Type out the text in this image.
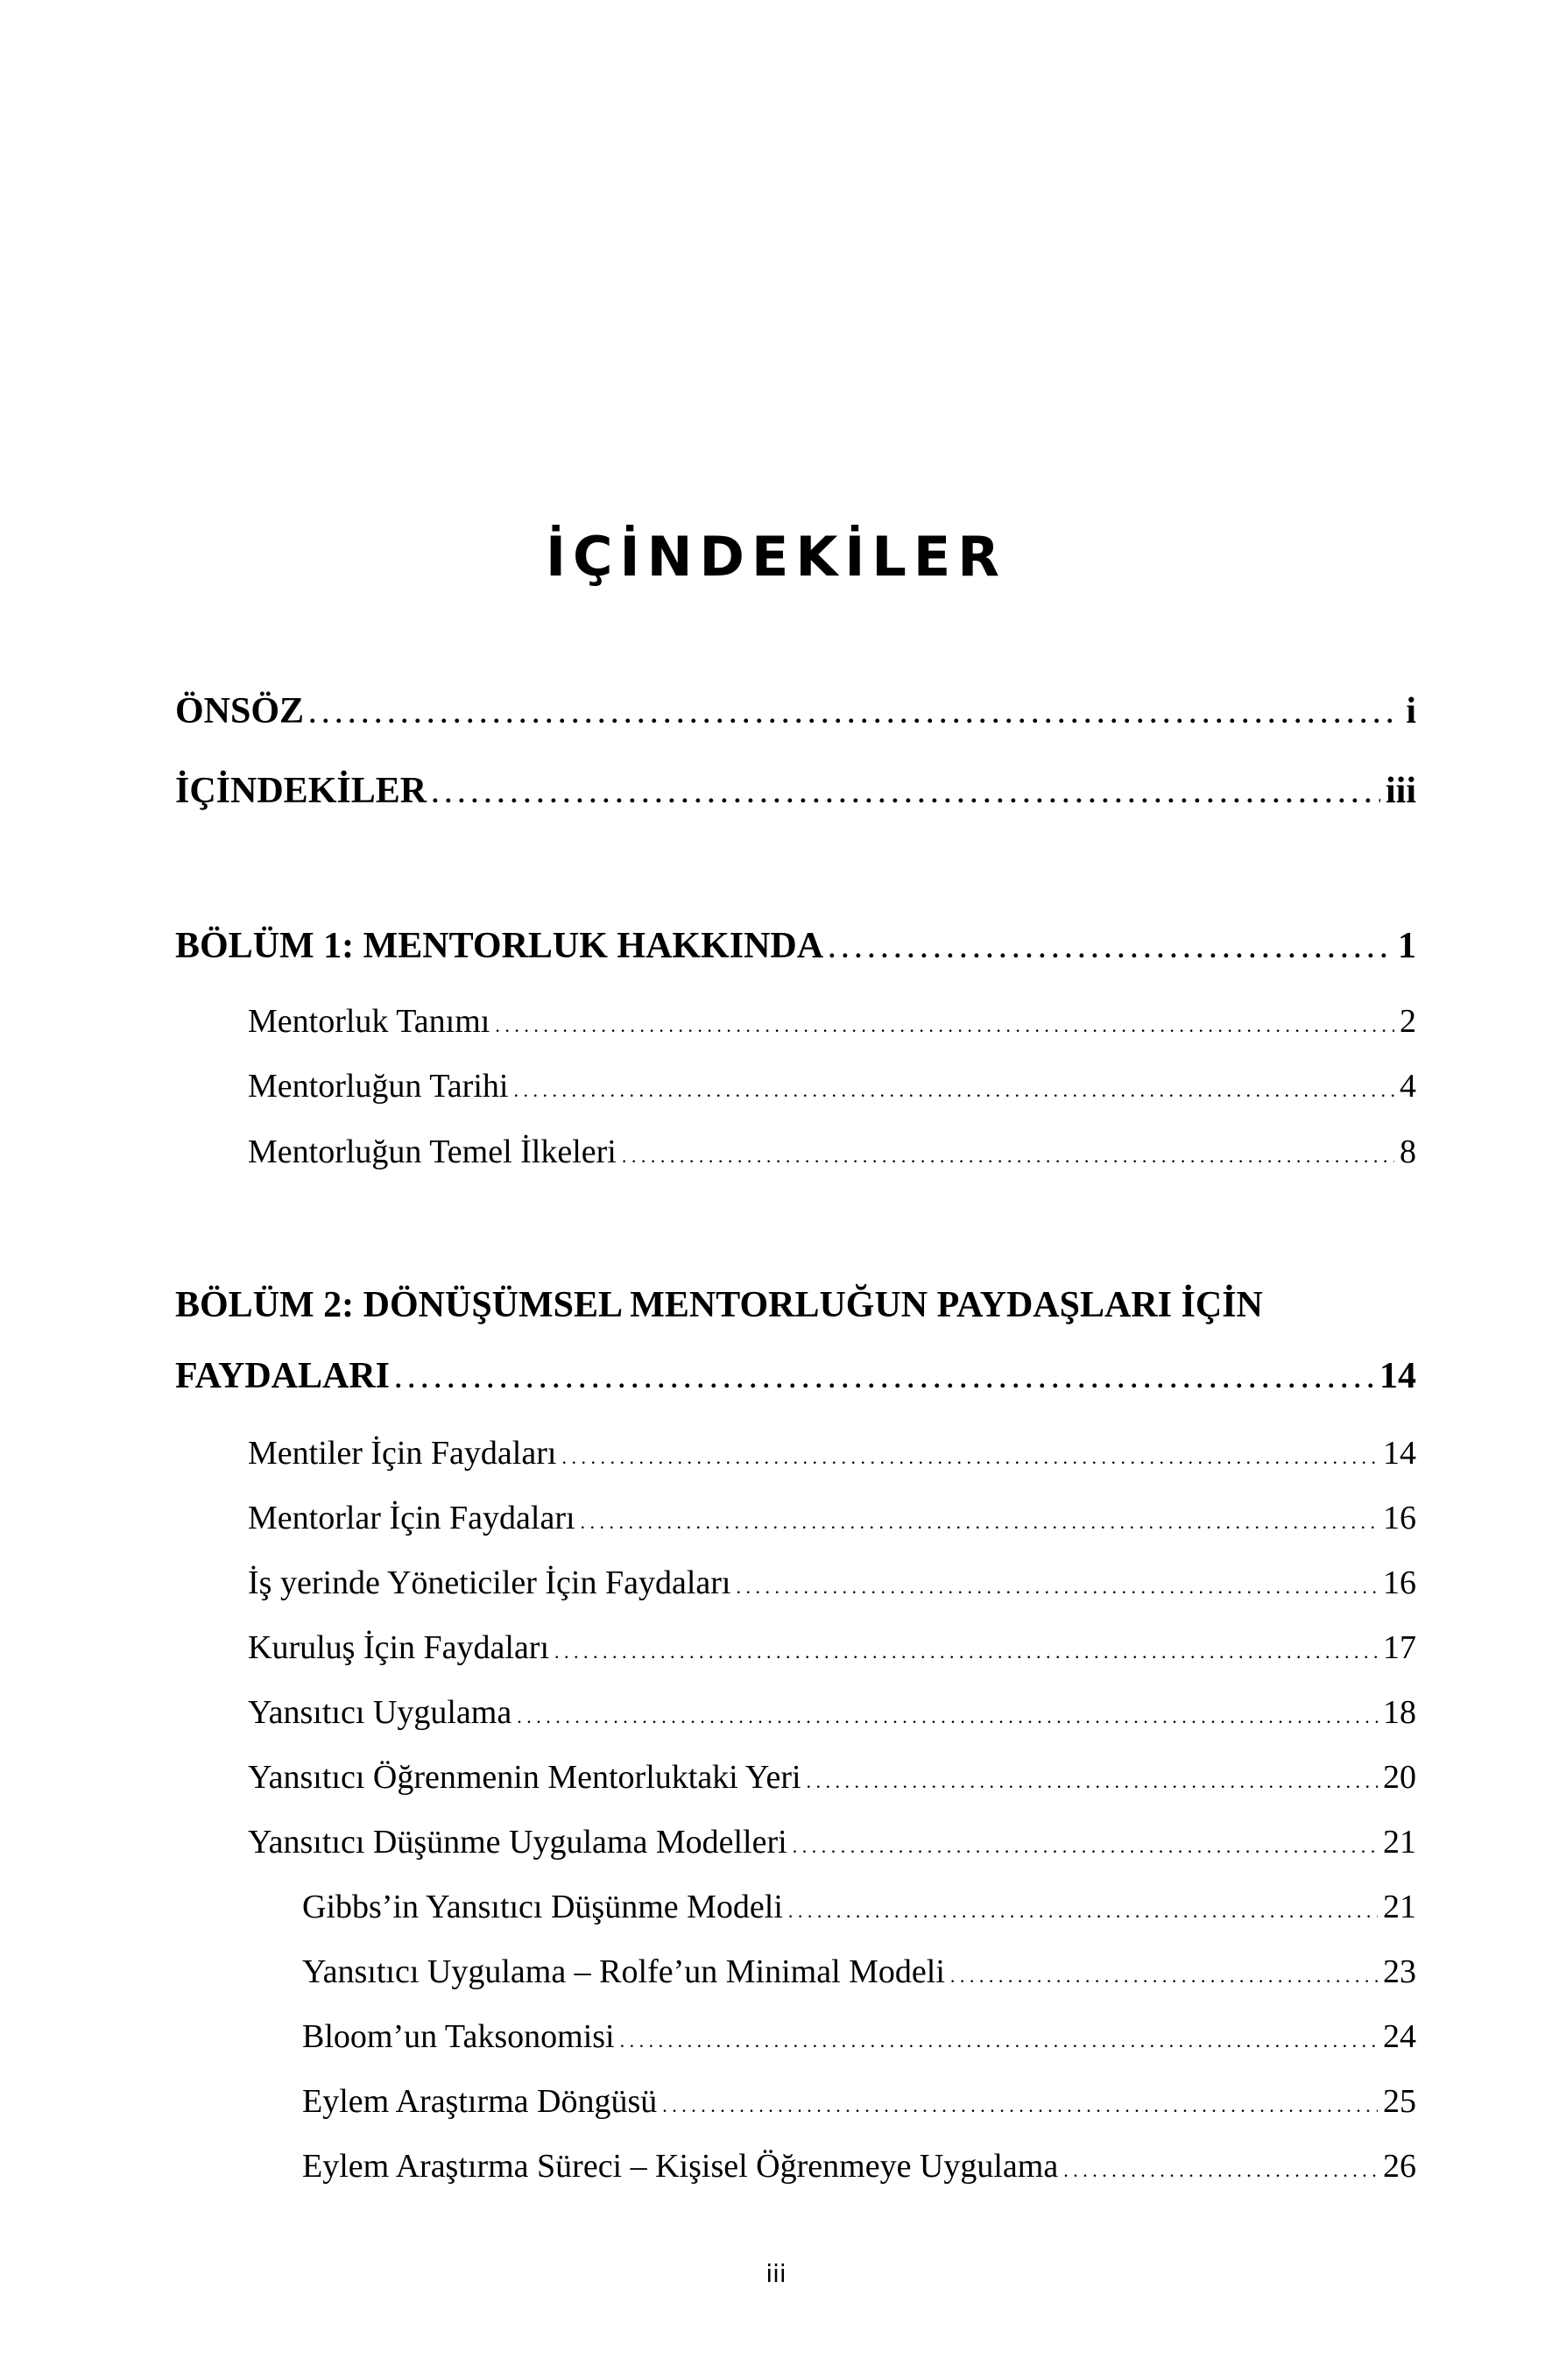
İÇİNDEKİLER
ÖNSÖZ . . .	i
İÇİNDEKİLER . . .	iii
BÖLÜM 1: MENTORLUK HAKKINDA . . .	1
Mentorluk Tanımı . . .	2
Mentorluğun Tarihi . . .	4
Mentorluğun Temel İlkeleri . . .	8
BÖLÜM 2: DÖNÜŞÜMSEL MENTORLUĞUN PAYDAŞLARI İÇİN
FAYDALARI . . .	14
Mentiler İçin Faydaları . . .	14
Mentorlar İçin Faydaları . . .	16
İş yerinde Yöneticiler İçin Faydaları . . .	16
Kuruluş İçin Faydaları . . .	17
Yansıtıcı Uygulama . . .	18
Yansıtıcı Öğrenmenin Mentorluktaki Yeri . . .	20
Yansıtıcı Düşünme Uygulama Modelleri . . .	21
Gibbs’in Yansıtıcı Düşünme Modeli . . .	21
Yansıtıcı Uygulama – Rolfe’un Minimal Modeli . . .	23
Bloom’un Taksonomisi . . .	24
Eylem Araştırma Döngüsü . . .	25
Eylem Araştırma Süreci – Kişisel Öğrenmeye Uygulama . . .	26
iii
